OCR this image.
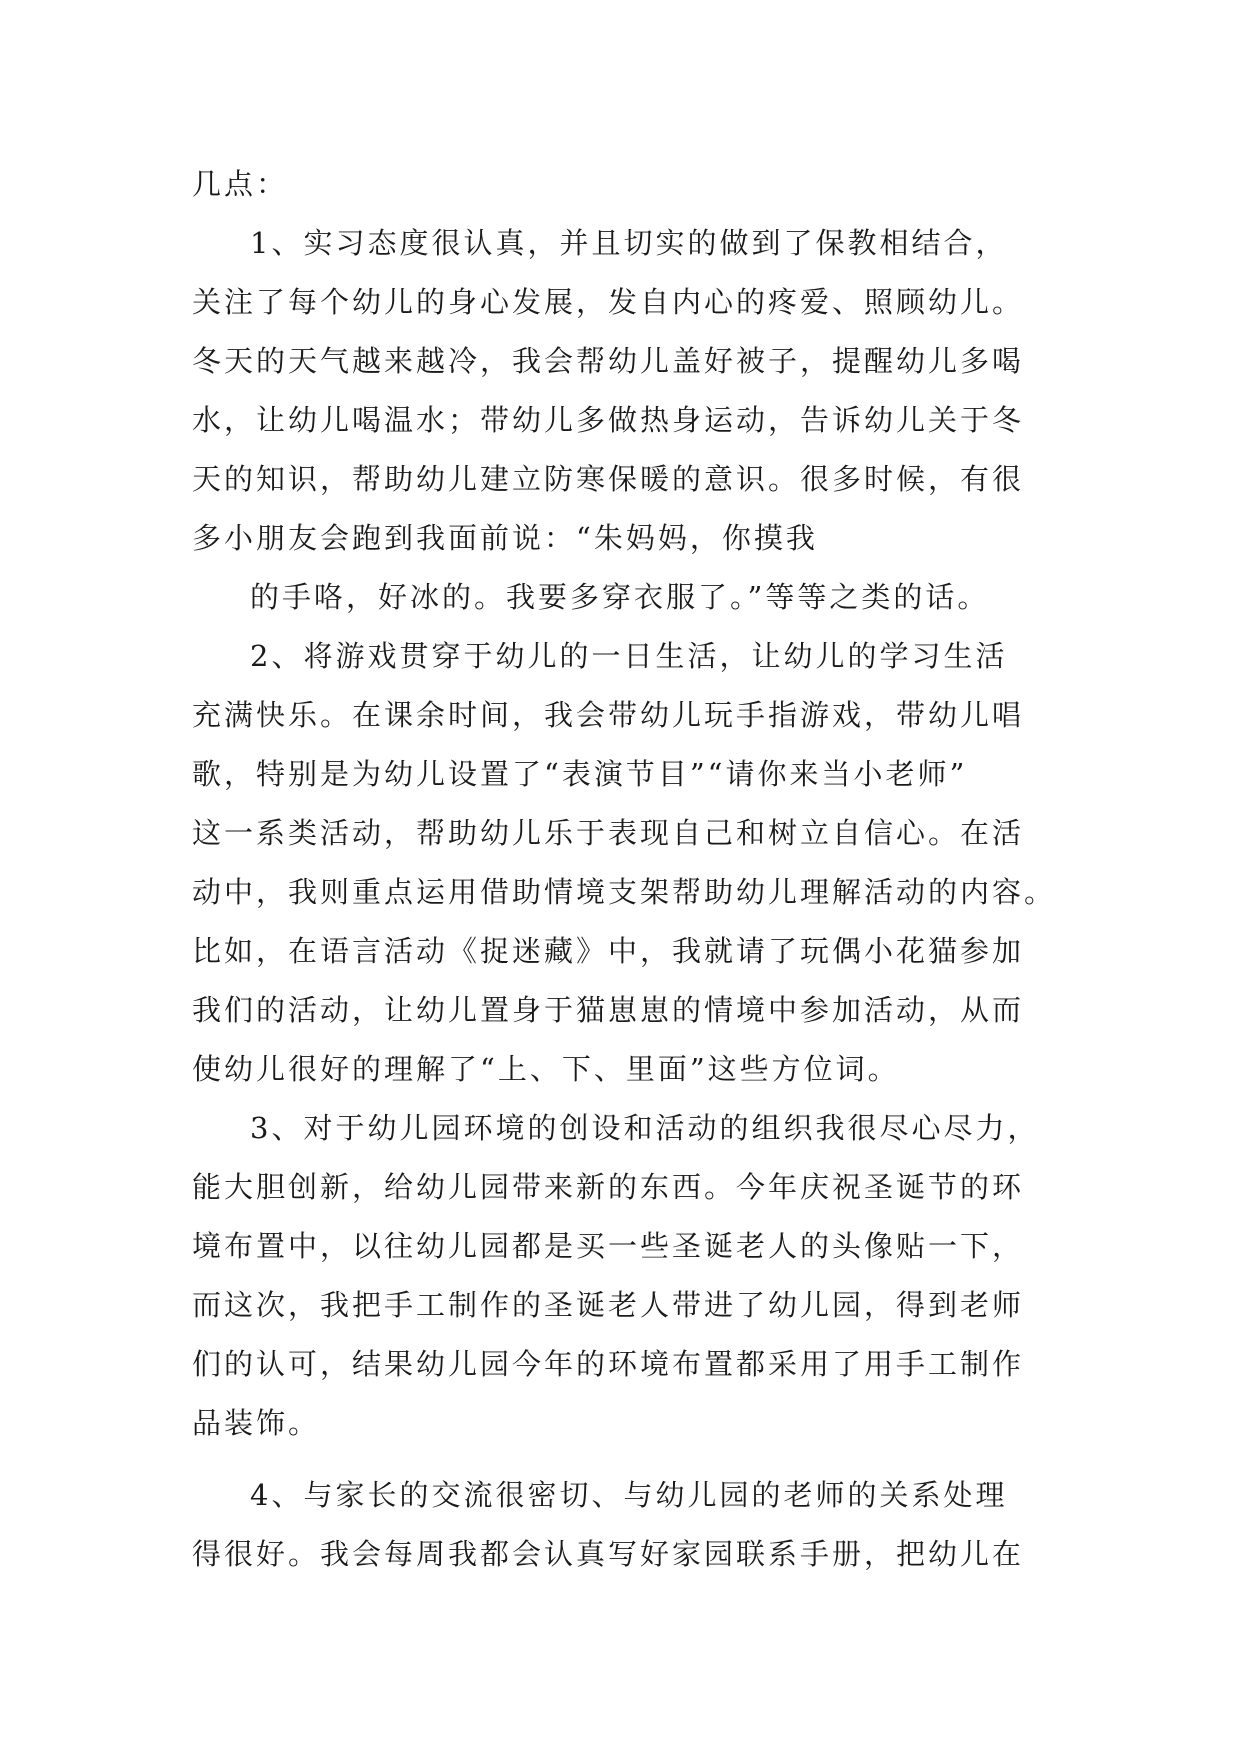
几点：
1、实习态度很认真，并且切实的做到了保教相结合，
关注了每个幼儿的身心发展，发自内心的疼爱、照顾幼儿。
冬天的天气越来越冷，我会帮幼儿盖好被子，提醒幼儿多喝
水，让幼儿喝温水；带幼儿多做热身运动，告诉幼儿关于冬
天的知识，帮助幼儿建立防寒保暖的意识。很多时候，有很
多小朋友会跑到我面前说：“朱妈妈，你摸我
的手咯，好冰的。我要多穿衣服了。”等等之类的话。
2、将游戏贯穿于幼儿的一日生活，让幼儿的学习生活
充满快乐。在课余时间，我会带幼儿玩手指游戏，带幼儿唱
歌，特别是为幼儿设置了“表演节目”“请你来当小老师”
这一系类活动，帮助幼儿乐于表现自己和树立自信心。在活
动中，我则重点运用借助情境支架帮助幼儿理解活动的内容。
比如，在语言活动《捉迷藏》中，我就请了玩偶小花猫参加
我们的活动，让幼儿置身于猫崽崽的情境中参加活动，从而
使幼儿很好的理解了“上、下、里面”这些方位词。
3、对于幼儿园环境的创设和活动的组织我很尽心尽力，
能大胆创新，给幼儿园带来新的东西。今年庆祝圣诞节的环
境布置中，以往幼儿园都是买一些圣诞老人的头像贴一下，
而这次，我把手工制作的圣诞老人带进了幼儿园，得到老师
们的认可，结果幼儿园今年的环境布置都采用了用手工制作
品装饰。
4、与家长的交流很密切、与幼儿园的老师的关系处理
得很好。我会每周我都会认真写好家园联系手册，把幼儿在
